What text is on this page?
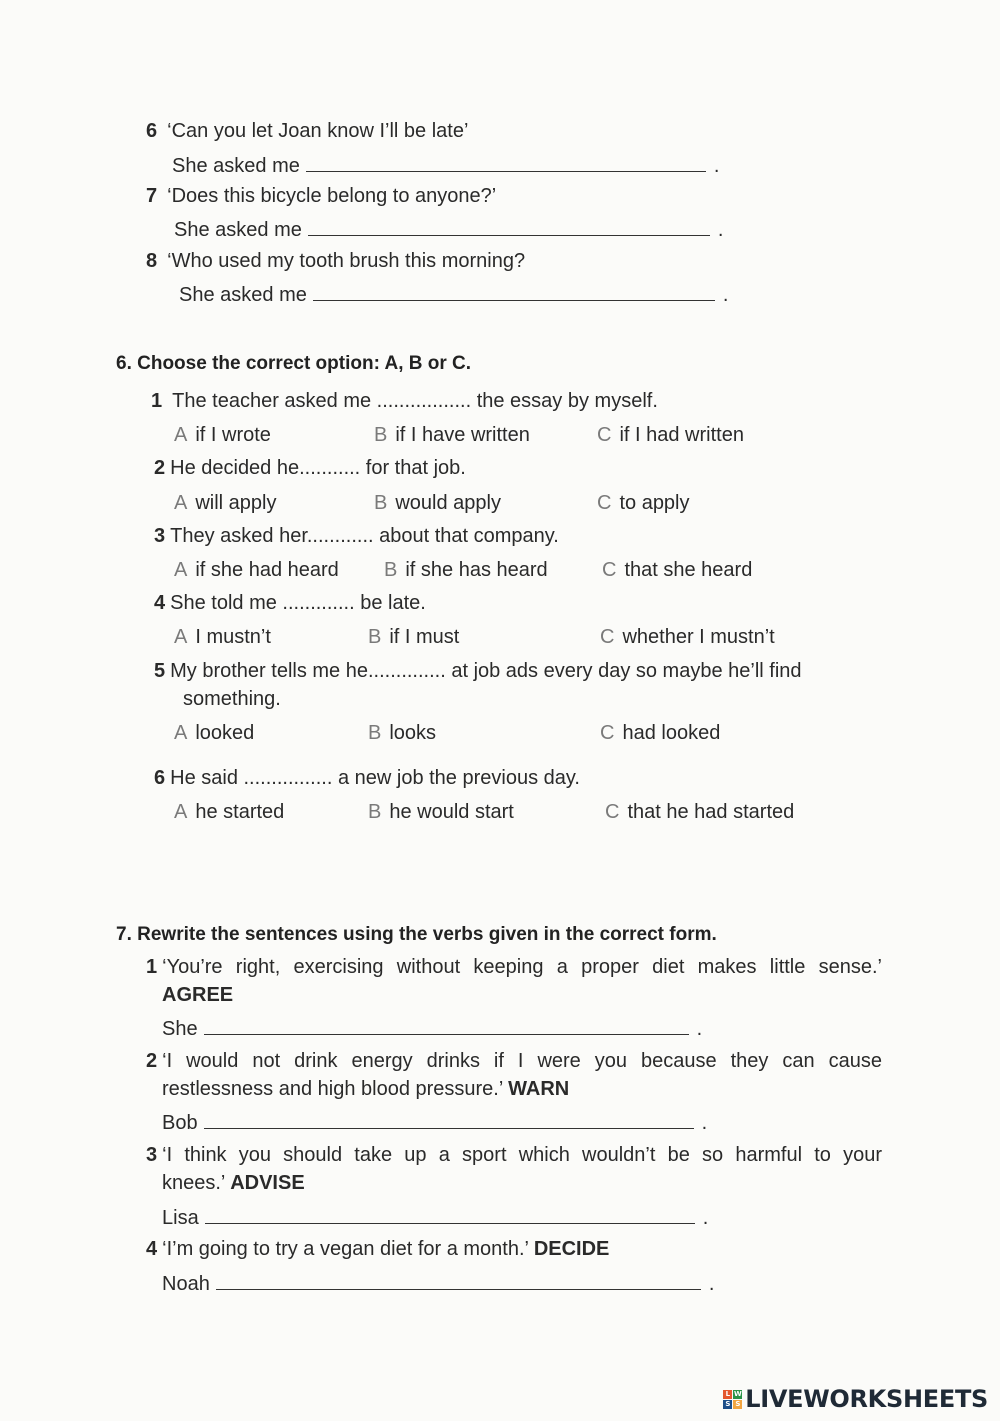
6 ‘Can you let Joan know I’ll be late’
She asked me	.
7 ‘Does this bicycle belong to anyone?’
She asked me	.
8 ‘Who used my tooth brush this morning?
She asked me	.
6. Choose the correct option: A, B or C.
1 The teacher asked me ................. the essay by myself.
A if I wrote	B if I have written	C if I had written
2 He decided he........... for that job.
A will apply	B would apply	C to apply
3 They asked her............ about that company.
A if she had heard B if she has heard	C that she heard
4 She told me ............. be late.
A I mustn’t	B if I must	C whether I mustn’t
5 My brother tells me he.............. at job ads every day so maybe he’ll find
something.
A looked	B looks	C had looked
6 He said ................ a new job the previous day.
A he started	B he would start	C that he had started
7. Rewrite the sentences using the verbs given in the correct form.
1 ‘You’re right, exercising without keeping a proper diet makes little sense.’
AGREE
She	.
2 ‘I would not drink energy drinks if I were you because they can cause
restlessness and high blood pressure.’ WARN
Bob	.
3 ‘I think you should take up a sport which wouldn’t be so harmful to your
knees.’ ADVISE
Lisa	.
4 ‘I’m going to try a vegan diet for a month.’ DECIDE
Noah	.
L W
S S LIVEWORKSHEETS
